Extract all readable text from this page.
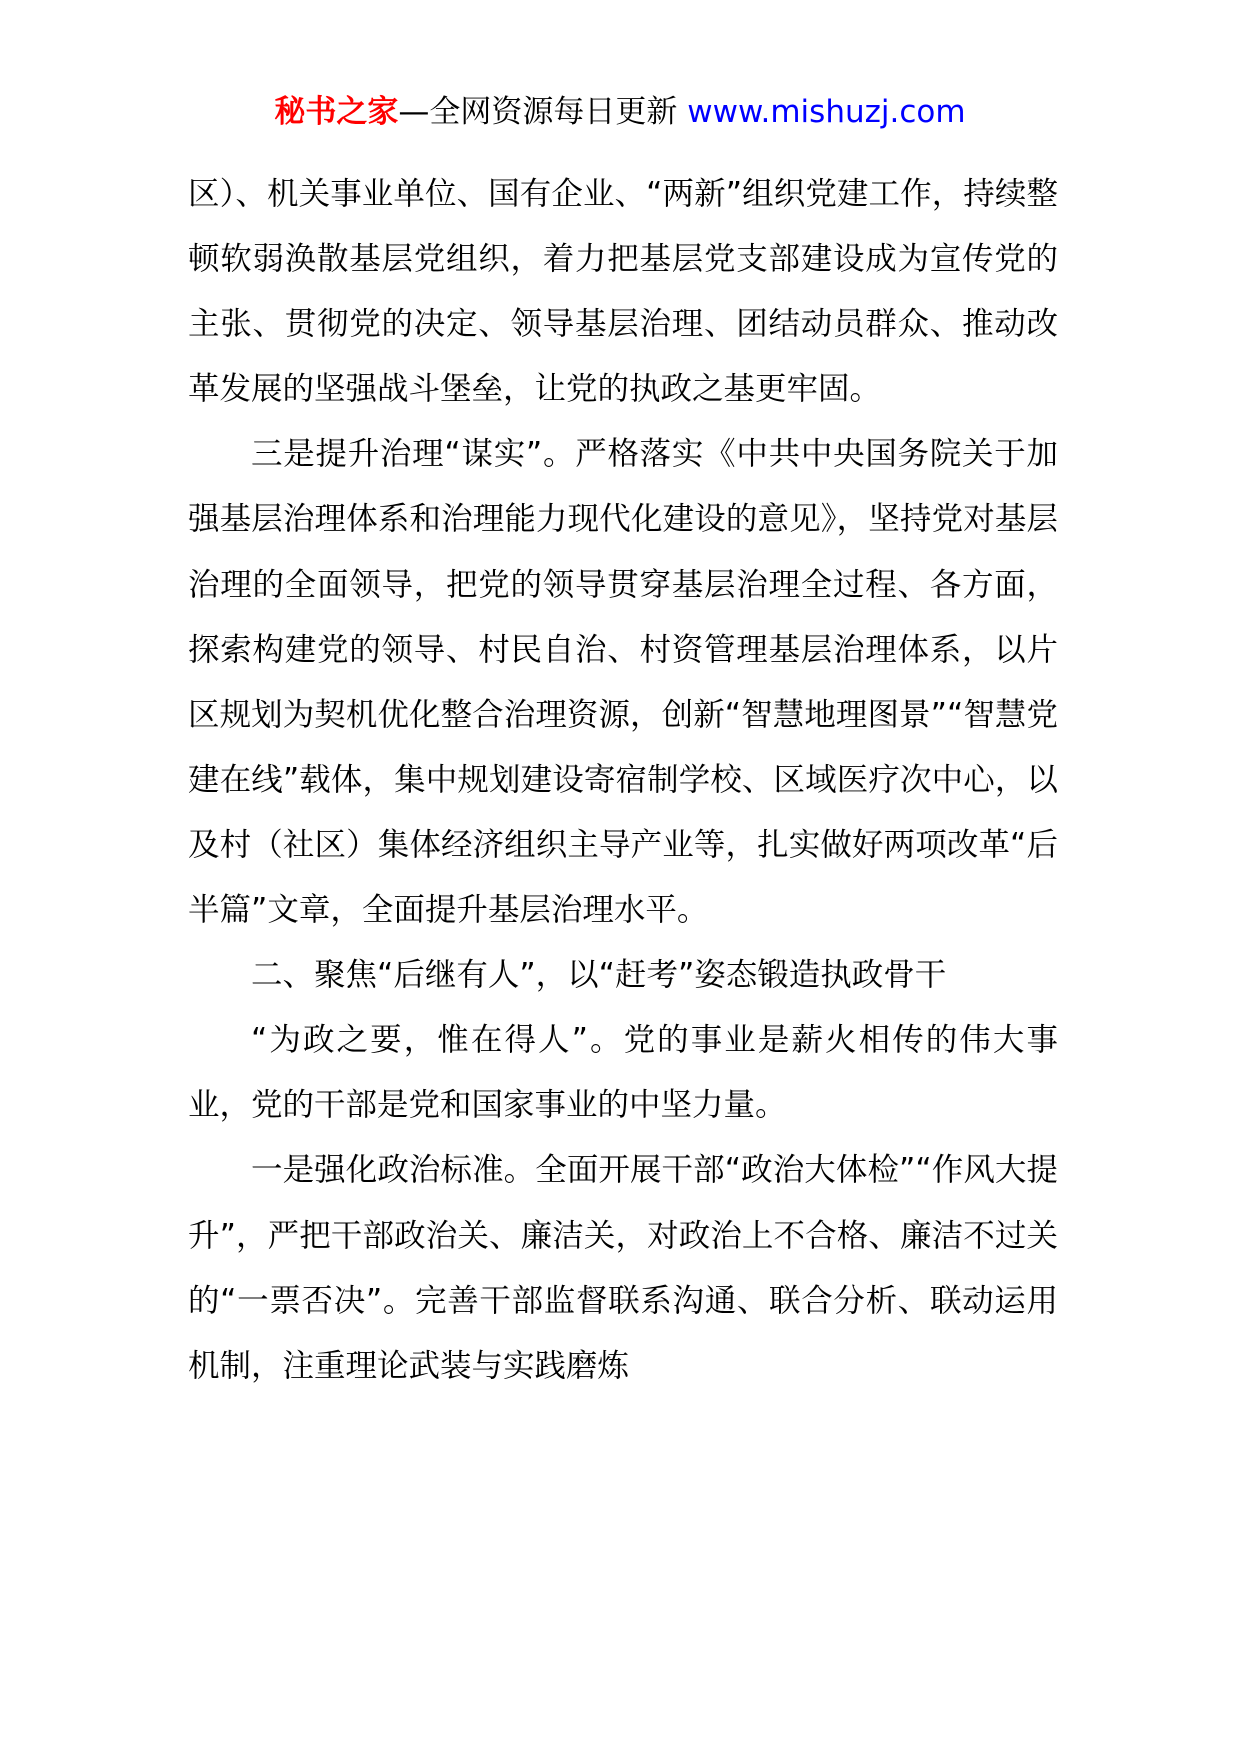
秘书之家—全网资源每日更新 www.mishuzj.com

区）、机关事业单位、国有企业、“两新”组织党建工作，持续整顿软弱涣散基层党组织，着力把基层党支部建设成为宣传党的主张、贯彻党的决定、领导基层治理、团结动员群众、推动改革发展的坚强战斗堡垒，让党的执政之基更牢固。

三是提升治理“谋实”。严格落实《中共中央国务院关于加强基层治理体系和治理能力现代化建设的意见》，坚持党对基层治理的全面领导，把党的领导贯穿基层治理全过程、各方面，探索构建党的领导、村民自治、村资管理基层治理体系，以片区规划为契机优化整合治理资源，创新“智慧地理图景”“智慧党建在线”载体，集中规划建设寄宿制学校、区域医疗次中心，以及村（社区）集体经济组织主导产业等，扎实做好两项改革“后半篇”文章，全面提升基层治理水平。

二、聚焦“后继有人”，以“赶考”姿态锻造执政骨干

“为政之要，惟在得人”。党的事业是薪火相传的伟大事业，党的干部是党和国家事业的中坚力量。

一是强化政治标准。全面开展干部“政治大体检”“作风大提升”，严把干部政治关、廉洁关，对政治上不合格、廉洁不过关的“一票否决”。完善干部监督联系沟通、联合分析、联动运用机制，注重理论武装与实践磨炼
